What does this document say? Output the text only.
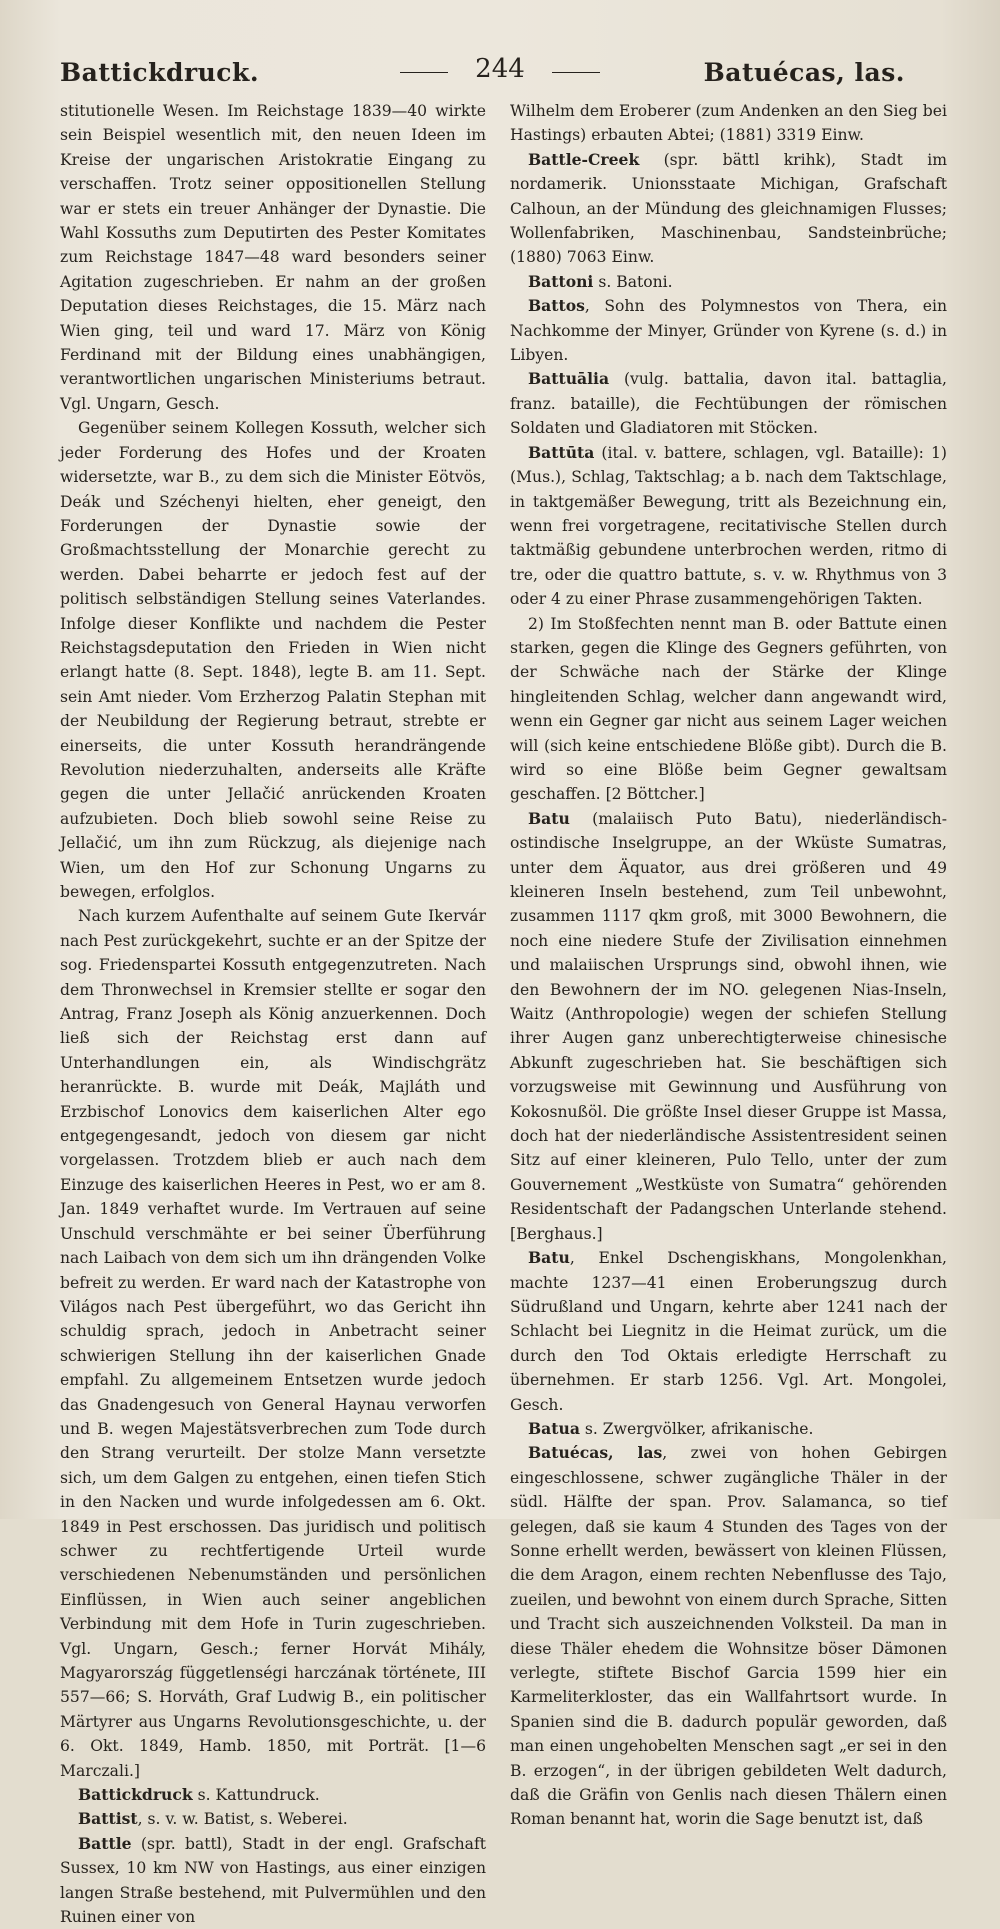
Battickdruck.	244	Batuécas, las.

stitutionelle Wesen. Im Reichstage 1839—40 wirkte sein Beispiel wesentlich mit, den neuen Ideen im Kreise der ungarischen Aristokratie Eingang zu verschaffen. Trotz seiner oppositionellen Stellung war er stets ein treuer Anhänger der Dynastie. Die Wahl Kossuths zum Deputirten des Pester Komitates zum Reichstage 1847—48 ward besonders seiner Agitation zugeschrieben. Er nahm an der großen Deputation dieses Reichstages, die 15. März nach Wien ging, teil und ward 17. März von König Ferdinand mit der Bildung eines unabhängigen, verantwortlichen ungarischen Ministeriums betraut. Vgl. Ungarn, Gesch.

Gegenüber seinem Kollegen Kossuth, welcher sich jeder Forderung des Hofes und der Kroaten widersetzte, war B., zu dem sich die Minister Eötvös, Deák und Széchenyi hielten, eher geneigt, den Forderungen der Dynastie sowie der Großmachtsstellung der Monarchie gerecht zu werden. Dabei beharrte er jedoch fest auf der politisch selbständigen Stellung seines Vaterlandes. Infolge dieser Konflikte und nachdem die Pester Reichstagsdeputation den Frieden in Wien nicht erlangt hatte (8. Sept. 1848), legte B. am 11. Sept. sein Amt nieder. Vom Erzherzog Palatin Stephan mit der Neubildung der Regierung betraut, strebte er einerseits, die unter Kossuth herandrängende Revolution niederzuhalten, anderseits alle Kräfte gegen die unter Jellačić anrückenden Kroaten aufzubieten. Doch blieb sowohl seine Reise zu Jellačić, um ihn zum Rückzug, als diejenige nach Wien, um den Hof zur Schonung Ungarns zu bewegen, erfolglos.

Nach kurzem Aufenthalte auf seinem Gute Ikervár nach Pest zurückgekehrt, suchte er an der Spitze der sog. Friedenspartei Kossuth entgegenzutreten. Nach dem Thronwechsel in Kremsier stellte er sogar den Antrag, Franz Joseph als König anzuerkennen. Doch ließ sich der Reichstag erst dann auf Unterhandlungen ein, als Windischgrätz heranrückte. B. wurde mit Deák, Majláth und Erzbischof Lonovics dem kaiserlichen Alter ego entgegengesandt, jedoch von diesem gar nicht vorgelassen. Trotzdem blieb er auch nach dem Einzuge des kaiserlichen Heeres in Pest, wo er am 8. Jan. 1849 verhaftet wurde. Im Vertrauen auf seine Unschuld verschmähte er bei seiner Überführung nach Laibach von dem sich um ihn drängenden Volke befreit zu werden. Er ward nach der Katastrophe von Világos nach Pest übergeführt, wo das Gericht ihn schuldig sprach, jedoch in Anbetracht seiner schwierigen Stellung ihn der kaiserlichen Gnade empfahl. Zu allgemeinem Entsetzen wurde jedoch das Gnadengesuch von General Haynau verworfen und B. wegen Majestätsverbrechen zum Tode durch den Strang verurteilt. Der stolze Mann versetzte sich, um dem Galgen zu entgehen, einen tiefen Stich in den Nacken und wurde infolgedessen am 6. Okt. 1849 in Pest erschossen. Das juridisch und politisch schwer zu rechtfertigende Urteil wurde verschiedenen Nebenumständen und persönlichen Einflüssen, in Wien auch seiner angeblichen Verbindung mit dem Hofe in Turin zugeschrieben. Vgl. Ungarn, Gesch.; ferner Horvát Mihály, Magyarország függetlenségi harczának története, III 557—66; S. Horváth, Graf Ludwig B., ein politischer Märtyrer aus Ungarns Revolutionsgeschichte, u. der 6. Okt. 1849, Hamb. 1850, mit Porträt. [1—6 Marczali.]

Battickdruck s. Kattundruck.

Battist, s. v. w. Batist, s. Weberei.

Battle (spr. battl), Stadt in der engl. Grafschaft Sussex, 10 km NW von Hastings, aus einer einzigen langen Straße bestehend, mit Pulvermühlen und den Ruinen einer von

Wilhelm dem Eroberer (zum Andenken an den Sieg bei Hastings) erbauten Abtei; (1881) 3319 Einw.

Battle-Creek (spr. bättl krihk), Stadt im nordamerik. Unionsstaate Michigan, Grafschaft Calhoun, an der Mündung des gleichnamigen Flusses; Wollenfabriken, Maschinenbau, Sandsteinbrüche; (1880) 7063 Einw.

Battoni s. Batoni.

Battos, Sohn des Polymnestos von Thera, ein Nachkomme der Minyer, Gründer von Kyrene (s. d.) in Libyen.

Battuālia (vulg. battalia, davon ital. battaglia, franz. bataille), die Fechtübungen der römischen Soldaten und Gladiatoren mit Stöcken.

Battūta (ital. v. battere, schlagen, vgl. Bataille): 1) (Mus.), Schlag, Taktschlag; a b. nach dem Taktschlage, in taktgemäßer Bewegung, tritt als Bezeichnung ein, wenn frei vorgetragene, recitativische Stellen durch taktmäßig gebundene unterbrochen werden, ritmo di tre, oder die quattro battute, s. v. w. Rhythmus von 3 oder 4 zu einer Phrase zusammengehörigen Takten.

2) Im Stoßfechten nennt man B. oder Battute einen starken, gegen die Klinge des Gegners geführten, von der Schwäche nach der Stärke der Klinge hingleitenden Schlag, welcher dann angewandt wird, wenn ein Gegner gar nicht aus seinem Lager weichen will (sich keine entschiedene Blöße gibt). Durch die B. wird so eine Blöße beim Gegner gewaltsam geschaffen. [2 Böttcher.]

Batu (malaiisch Puto Batu), niederländisch-ostindische Inselgruppe, an der Wküste Sumatras, unter dem Äquator, aus drei größeren und 49 kleineren Inseln bestehend, zum Teil unbewohnt, zusammen 1117 qkm groß, mit 3000 Bewohnern, die noch eine niedere Stufe der Zivilisation einnehmen und malaiischen Ursprungs sind, obwohl ihnen, wie den Bewohnern der im NO. gelegenen Nias-Inseln, Waitz (Anthropologie) wegen der schiefen Stellung ihrer Augen ganz unberechtigterweise chinesische Abkunft zugeschrieben hat. Sie beschäftigen sich vorzugsweise mit Gewinnung und Ausführung von Kokosnußöl. Die größte Insel dieser Gruppe ist Massa, doch hat der niederländische Assistentresident seinen Sitz auf einer kleineren, Pulo Tello, unter der zum Gouvernement „Westküste von Sumatra“ gehörenden Residentschaft der Padangschen Unterlande stehend. [Berghaus.]

Batu, Enkel Dschengiskhans, Mongolenkhan, machte 1237—41 einen Eroberungszug durch Südrußland und Ungarn, kehrte aber 1241 nach der Schlacht bei Liegnitz in die Heimat zurück, um die durch den Tod Oktais erledigte Herrschaft zu übernehmen. Er starb 1256. Vgl. Art. Mongolei, Gesch.

Batua s. Zwergvölker, afrikanische.

Batuécas, las, zwei von hohen Gebirgen eingeschlossene, schwer zugängliche Thäler in der südl. Hälfte der span. Prov. Salamanca, so tief gelegen, daß sie kaum 4 Stunden des Tages von der Sonne erhellt werden, bewässert von kleinen Flüssen, die dem Aragon, einem rechten Nebenflusse des Tajo, zueilen, und bewohnt von einem durch Sprache, Sitten und Tracht sich auszeichnenden Volksteil. Da man in diese Thäler ehedem die Wohnsitze böser Dämonen verlegte, stiftete Bischof Garcia 1599 hier ein Karmeliterkloster, das ein Wallfahrtsort wurde. In Spanien sind die B. dadurch populär geworden, daß man einen ungehobelten Menschen sagt „er sei in den B. erzogen“, in der übrigen gebildeten Welt dadurch, daß die Gräfin von Genlis nach diesen Thälern einen Roman benannt hat, worin die Sage benutzt ist, daß
